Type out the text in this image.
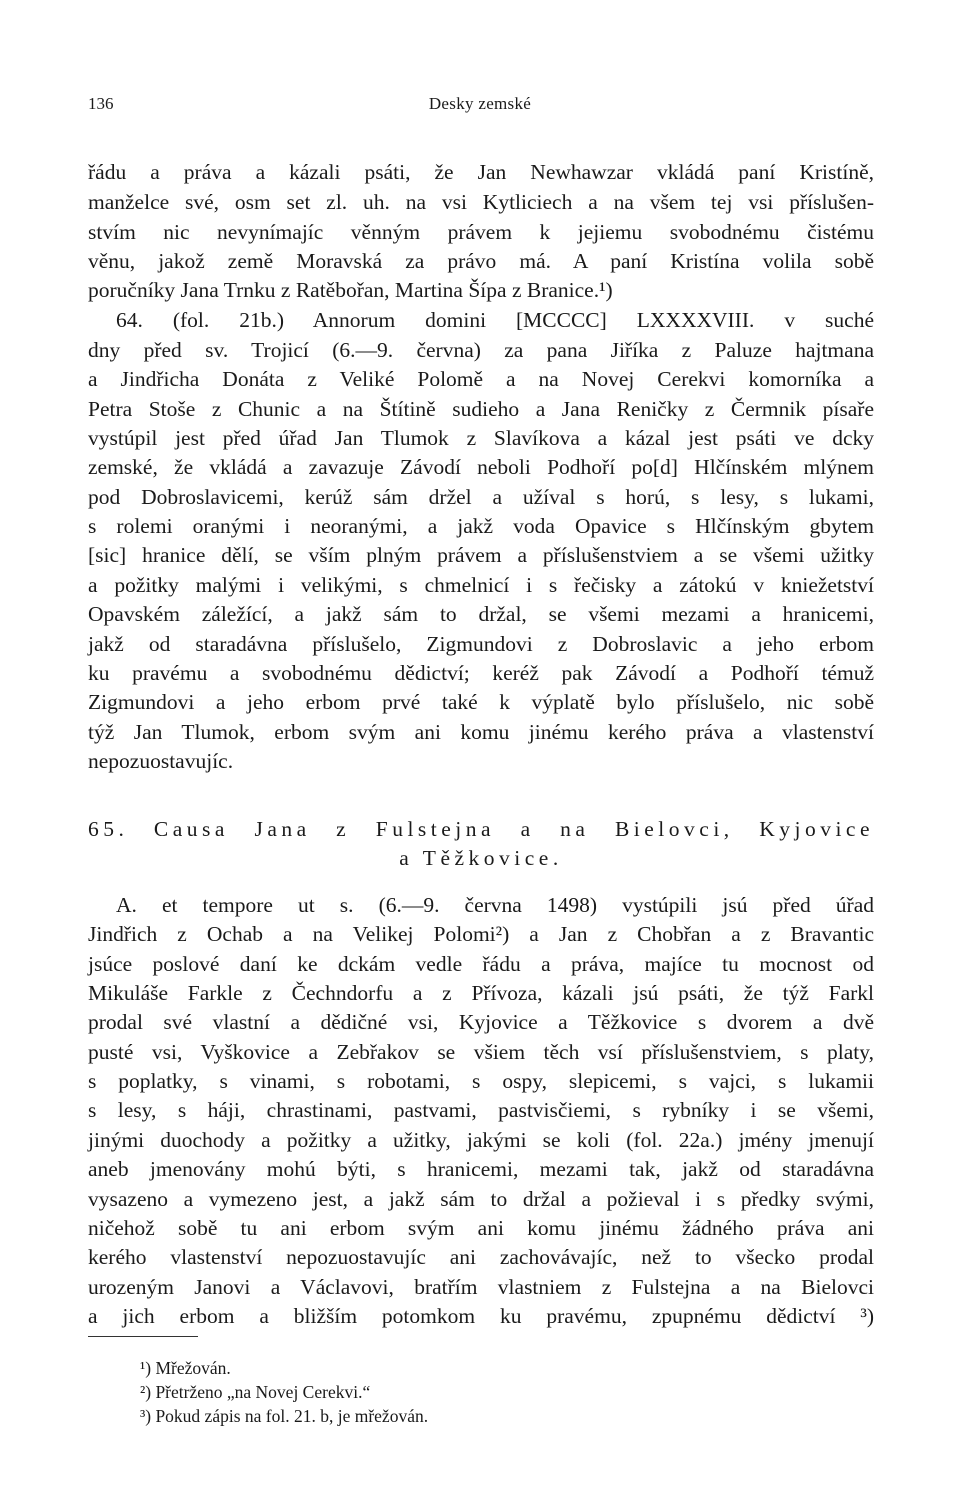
136	Desky zemské
řádu a práva a kázali psáti, že Jan Newhawzar vkládá paní Kristíně,
manželce své, osm set zl. uh. na vsi Kytliciech a na všem tej vsi příslušen-
stvím nic nevynímajíc věnným právem k jejiemu svobodnému čistému
věnu, jakož země Moravská za právo má. A paní Kristína volila sobě
poručníky Jana Trnku z Ratěbořan, Martina Šípa z Branice.¹)
64. (fol. 21b.) Annorum domini [MCCCC] LXXXXVIII. v suché
dny před sv. Trojicí (6.—9. června) za pana Jiříka z Paluze hajtmana
a Jindřicha Donáta z Veliké Polomě a na Novej Cerekvi komorníka a
Petra Stoše z Chunic a na Štítině sudieho a Jana Reničky z Čermnik písaře
vystúpil jest před úřad Jan Tlumok z Slavíkova a kázal jest psáti ve dcky
zemské, že vkládá a zavazuje Závodí neboli Podhoří po[d] Hlčínském mlýnem
pod Dobroslavicemi, kerúž sám držel a užíval s horú, s lesy, s lukami,
s rolemi oranými i neoranými, a jakž voda Opavice s Hlčínským gbytem
[sic] hranice dělí, se vším plným právem a příslušenstviem a se všemi užitky
a požitky malými i velikými, s chmelnicí i s řečisky a zátokú v kniežetství
Opavském záležící, a jakž sám to držal, se všemi mezami a hranicemi,
jakž od staradávna příslušelo, Zigmundovi z Dobroslavic a jeho erbom
ku pravému a svobodnému dědictví; keréž pak Závodí a Podhoří témuž
Zigmundovi a jeho erbom prvé také k výplatě bylo příslušelo, nic sobě
týž Jan Tlumok, erbom svým ani komu jinému kerého práva a vlastenství
nepozuostavujíc.
65. Causa Jana z Fulstejna a na Bielovci, Kyjovice
a Těžkovice.
A. et tempore ut s. (6.—9. června 1498) vystúpili jsú před úřad
Jindřich z Ochab a na Velikej Polomi²) a Jan z Chobřan a z Bravantic
jsúce poslové daní ke dckám vedle řádu a práva, majíce tu mocnost od
Mikuláše Farkle z Čechndorfu a z Přívoza, kázali jsú psáti, že týž Farkl
prodal své vlastní a dědičné vsi, Kyjovice a Těžkovice s dvorem a dvě
pusté vsi, Vyškovice a Zebřakov se všiem těch vsí příslušenstviem, s platy,
s poplatky, s vinami, s robotami, s ospy, slepicemi, s vajci, s lukamii
s lesy, s háji, chrastinami, pastvami, pastvisčiemi, s rybníky i se všemi,
jinými duochody a požitky a užitky, jakými se koli (fol. 22a.) jmény jmenují
aneb jmenovány mohú býti, s hranicemi, mezami tak, jakž od staradávna
vysazeno a vymezeno jest, a jakž sám to držal a požieval i s předky svými,
ničehož sobě tu ani erbom svým ani komu jinému žádného práva ani
kerého vlastenství nepozuostavujíc ani zachovávajíc, než to všecko prodal
urozeným Janovi a Václavovi, bratřím vlastniem z Fulstejna a na Bielovci
a jich erbom a bližším potomkom ku pravému, zpupnému dědictví ³)
¹) Mřežován.
²) Přetrženo „na Novej Cerekvi.“
³) Pokud zápis na fol. 21. b, je mřežován.
